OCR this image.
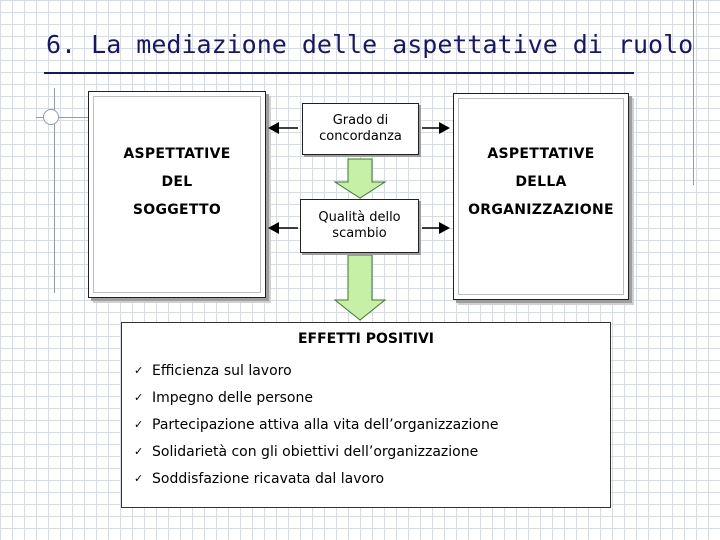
6. La mediazione delle aspettative di ruolo
ASPETTATIVE
DEL
SOGGETTO
ASPETTATIVE
DELLA
ORGANIZZAZIONE
Grado di
concordanza
Qualità dello
scambio
EFFETTI POSITIVI
✓ Efficienza sul lavoro
✓ Impegno delle persone
✓ Partecipazione attiva alla vita dell’organizzazione
✓ Solidarietà con gli obiettivi dell’organizzazione
✓ Soddisfazione ricavata dal lavoro
